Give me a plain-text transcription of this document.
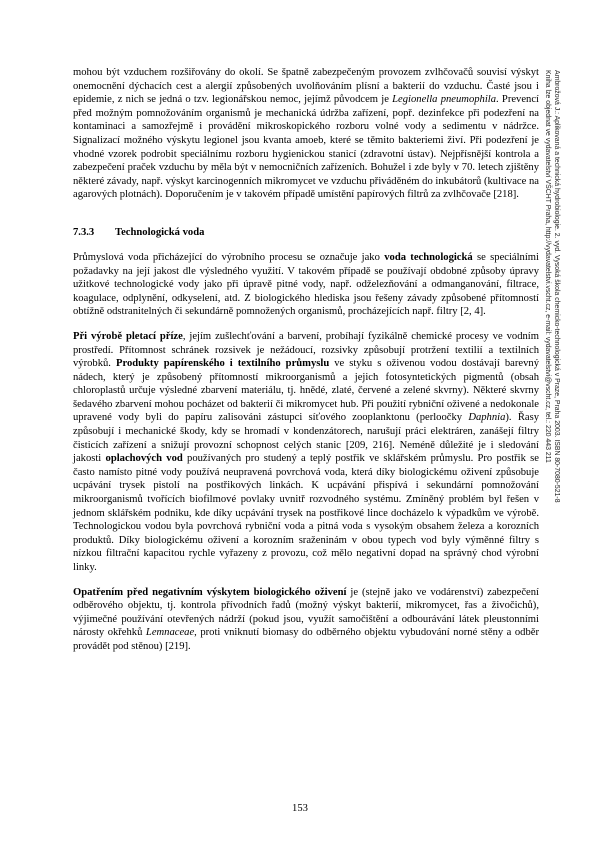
Ambrožová J.: Aplikovaná a technická hydrobiologie. 2. vyd. Vysoká škola chemicko-technologická v Praze, Praha 2003. ISBN 80-7080-521-8
Kniha lze objednat ve vydavatelství VŠCHT Praha, http://vydavatelstvi.vscht.cz, e-mail: vydavatelstvi@vscht.cz, tel.: 220 443 211

mohou být vzduchem rozšiřovány do okolí. Se špatně zabezpečeným provozem zvlhčovačů souvisí výskyt onemocnění dýchacích cest a alergií způsobených uvolňováním plísní a bakterií do vzduchu. Časté jsou i epidemie, z nich se jedná o tzv. legionářskou nemoc, jejímž původcem je Legionella pneumophila. Prevencí před možným pomnožováním organismů je mechanická údržba zařízení, popř. dezinfekce při podezření na kontaminaci a samozřejmě i provádění mikroskopického rozboru volné vody a sedimentu v nádržce. Signalizací možného výskytu legionel jsou kvanta amoeb, které se těmito bakteriemi živí. Při podezření je vhodné vzorek podrobit speciálnímu rozboru hygienickou stanicí (zdravotní ústav). Nejpřísnější kontrola a zabezpečení praček vzduchu by měla být v nemocničních zařízeních. Bohužel i zde byly v 70. letech zjištěny některé závady, např. výskyt karcinogenních mikromycet ve vzduchu přiváděném do inkubátorů (kultivace na agarových plotnách). Doporučením je v takovém případě umístění papírových filtrů za zvlhčovače [218].

7.3.3 Technologická voda

Průmyslová voda přicházející do výrobního procesu se označuje jako voda technologická se speciálními požadavky na její jakost dle výsledného využití. V takovém případě se používají obdobné způsoby úpravy užitkové technologické vody jako při úpravě pitné vody, např. odželezňování a odmanganování, filtrace, koagulace, odplynění, odkyselení, atd. Z biologického hlediska jsou řešeny závady způsobené přítomností obtížně odstranitelných či sekundárně pomnožených organismů, procházejících např. filtry [2, 4].

Při výrobě pletací příze, jejím zušlechťování a barvení, probíhají fyzikálně chemické procesy ve vodním prostředí. Přítomnost schránek rozsivek je nežádoucí, rozsivky způsobují protržení textilií a textilních výrobků. Produkty papírenského i textilního průmyslu ve styku s oživenou vodou dostávají barevný nádech, který je způsobený přítomností mikroorganismů a jejich fotosyntetických pigmentů (obsah chloroplastů určuje výsledné zbarvení materiálu, tj. hnědé, zlaté, červené a zelené skvrny). Některé skvrny šedavého zbarvení mohou pocházet od bakterií či mikromycet hub. Při použití rybniční oživené a nedokonale upravené vody byli do papíru zalisováni zástupci síťového zooplanktonu (perloočky Daphnia). Řasy způsobují i mechanické škody, kdy se hromadí v kondenzátorech, narušují práci elektráren, zanášejí filtry čisticích zařízení a snižují provozní schopnost celých stanic [209, 216]. Neméně důležité je i sledování jakosti oplachových vod používaných pro studený a teplý postřik ve sklářském průmyslu. Pro postřik se často namísto pitné vody používá neupravená povrchová voda, která díky biologickému oživení způsobuje ucpávání trysek pistolí na postřikových linkách. K ucpávání přispívá i sekundární pomnožování mikroorganismů tvořících biofilmové povlaky uvnitř rozvodného systému. Zmíněný problém byl řešen v jednom sklářském podniku, kde díky ucpávání trysek na postřikové lince docházelo k výpadkům ve výrobě. Technologickou vodou byla povrchová rybniční voda a pitná voda s vysokým obsahem železa a korozních produktů. Díky biologickému oživení a korozním sraženinám v obou typech vod byly výměnné filtry s nízkou filtrační kapacitou rychle vyřazeny z provozu, což mělo negativní dopad na správný chod výrobní linky.

Opatřením před negativním výskytem biologického oživení je (stejně jako ve vodárenství) zabezpečení odběrového objektu, tj. kontrola přívodních řadů (možný výskyt bakterií, mikromycet, řas a živočichů), výjimečné používání otevřených nádrží (pokud jsou, využít samočištění a odbourávání látek pleustonními nárosty okřehků Lemnaceae, proti vniknutí biomasy do odběrného objektu vybudování norné stěny a odběr provádět pod stěnou) [219].

153
